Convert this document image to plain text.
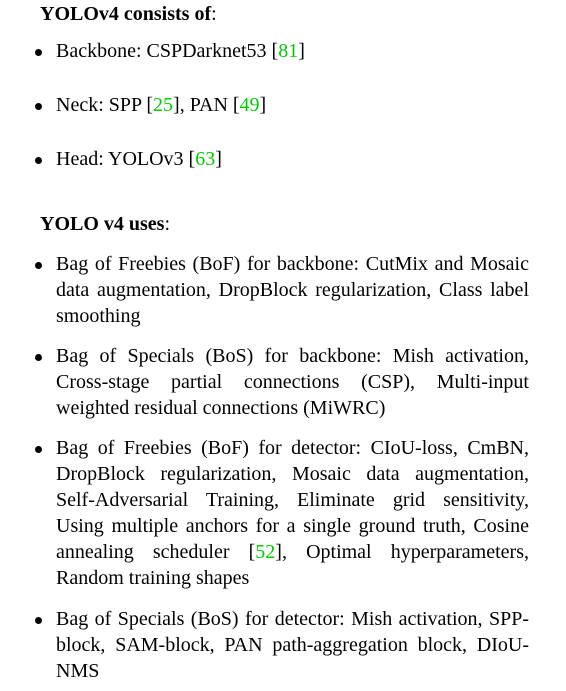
YOLOv4 consists of:
Backbone: CSPDarknet53 [81]
Neck: SPP [25], PAN [49]
Head: YOLOv3 [63]
YOLO v4 uses:
Bag of Freebies (BoF) for backbone: CutMix and Mosaic data augmentation, DropBlock regularization, Class label smoothing
Bag of Specials (BoS) for backbone: Mish activation, Cross-stage partial connections (CSP), Multi-input weighted residual connections (MiWRC)
Bag of Freebies (BoF) for detector: CIoU-loss, CmBN, DropBlock regularization, Mosaic data augmentation, Self-Adversarial Training, Eliminate grid sensitivity, Using multiple anchors for a single ground truth, Cosine annealing scheduler [52], Optimal hyperparameters, Random training shapes
Bag of Specials (BoS) for detector: Mish activation, SPP-block, SAM-block, PAN path-aggregation block, DIoU-NMS
